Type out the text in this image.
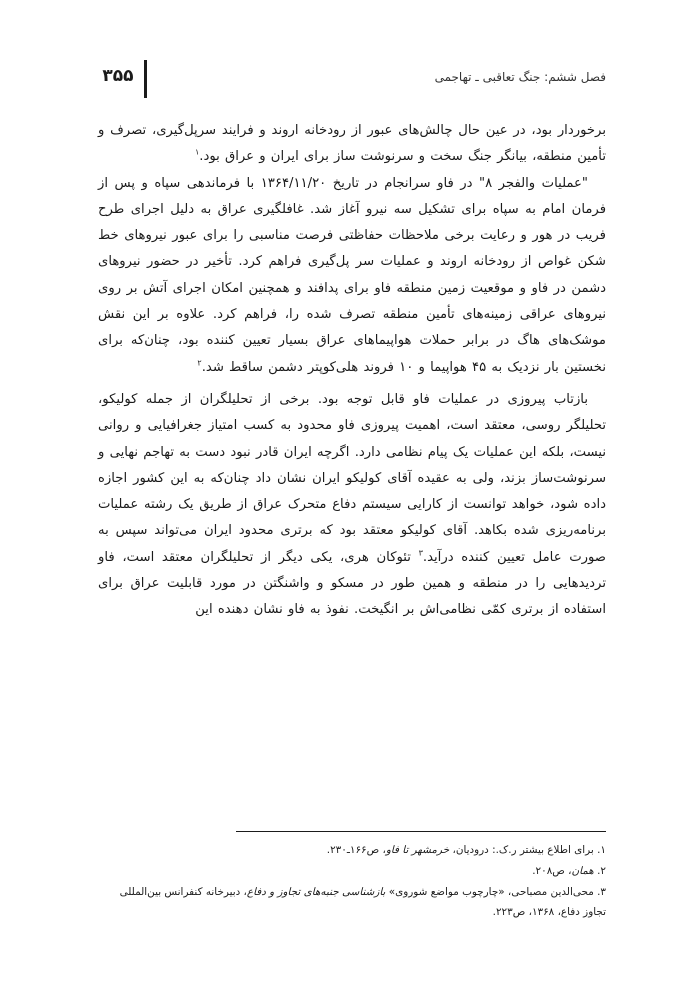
۳۵۵	فصل ششم: جنگ تعاقبی ـ تهاجمی

برخوردار بود، در عین حال چالش‌های عبور از رودخانه اروند و فرایند سرپل‌گیری، تصرف و تأمین منطقه، بیانگر جنگ سخت و سرنوشت ساز برای ایران و عراق بود.$^۱$

"عملیات والفجر ۸" در فاو سرانجام در تاریخ ۱۳۶۴/۱۱/۲۰ با فرماندهی سپاه و پس از فرمان امام به سپاه برای تشکیل سه نیرو آغاز شد. غافلگیری عراق به دلیل اجرای طرح فریب در هور و رعایت برخی ملاحظات حفاظتی فرصت مناسبی را برای عبور نیروهای خط شکن غواص از رودخانه اروند و عملیات سر پل‌گیری فراهم کرد. تأخیر در حضور نیروهای دشمن در فاو و موقعیت زمین منطقه فاو برای پدافند و همچنین امکان اجرای آتش بر روی نیروهای عراقی زمینه‌های تأمین منطقه تصرف شده را، فراهم کرد. علاوه بر این نقش موشک‌های هاگ در برابر حملات هواپیماهای عراق بسیار تعیین کننده بود، چنان‌که برای نخستین بار نزدیک به ۴۵ هواپیما و ۱۰ فروند هلی‌کوپتر دشمن ساقط شد.$^۲$

بازتاب پیروزی در عملیات فاو قابل توجه بود. برخی از تحلیلگران از جمله کولیکو، تحلیلگر روسی، معتقد است، اهمیت پیروزی فاو محدود به کسب امتیاز جغرافیایی و روانی نیست، بلکه این عملیات یک پیام نظامی دارد. اگرچه ایران قادر نبود دست به تهاجم نهایی و سرنوشت‌ساز بزند، ولی به عقیده آقای کولیکو ایران نشان داد چنان‌که به این کشور اجازه داده شود، خواهد توانست از کارایی سیستم دفاع متحرک عراق از طریق یک رشته عملیات برنامه‌ریزی شده بکاهد. آقای کولیکو معتقد بود که برتری محدود ایران می‌تواند سپس به صورت عامل تعیین کننده درآید.$^۳$ تئوکان هری، یکی دیگر از تحلیلگران معتقد است، فاو تردیدهایی را در منطقه و همین طور در مسکو و واشنگتن در مورد قابلیت عراق برای استفاده از برتری کمّی نظامی‌اش بر انگیخت. نفوذ به فاو نشان دهنده این

۱. برای اطلاع بیشتر ر.ک.: درودیان، خرمشهر تا فاو، ص۱۶۶ـ۲۳۰.

۲. همان، ص۲۰۸.

۳. محی‌الدین مصباحی، «چارچوب مواضع شوروی» بازشناسی جنبه‌های تجاوز و دفاع، دبیرخانه کنفرانس بین‌المللی تجاوز دفاع، ۱۳۶۸، ص۲۲۳.
